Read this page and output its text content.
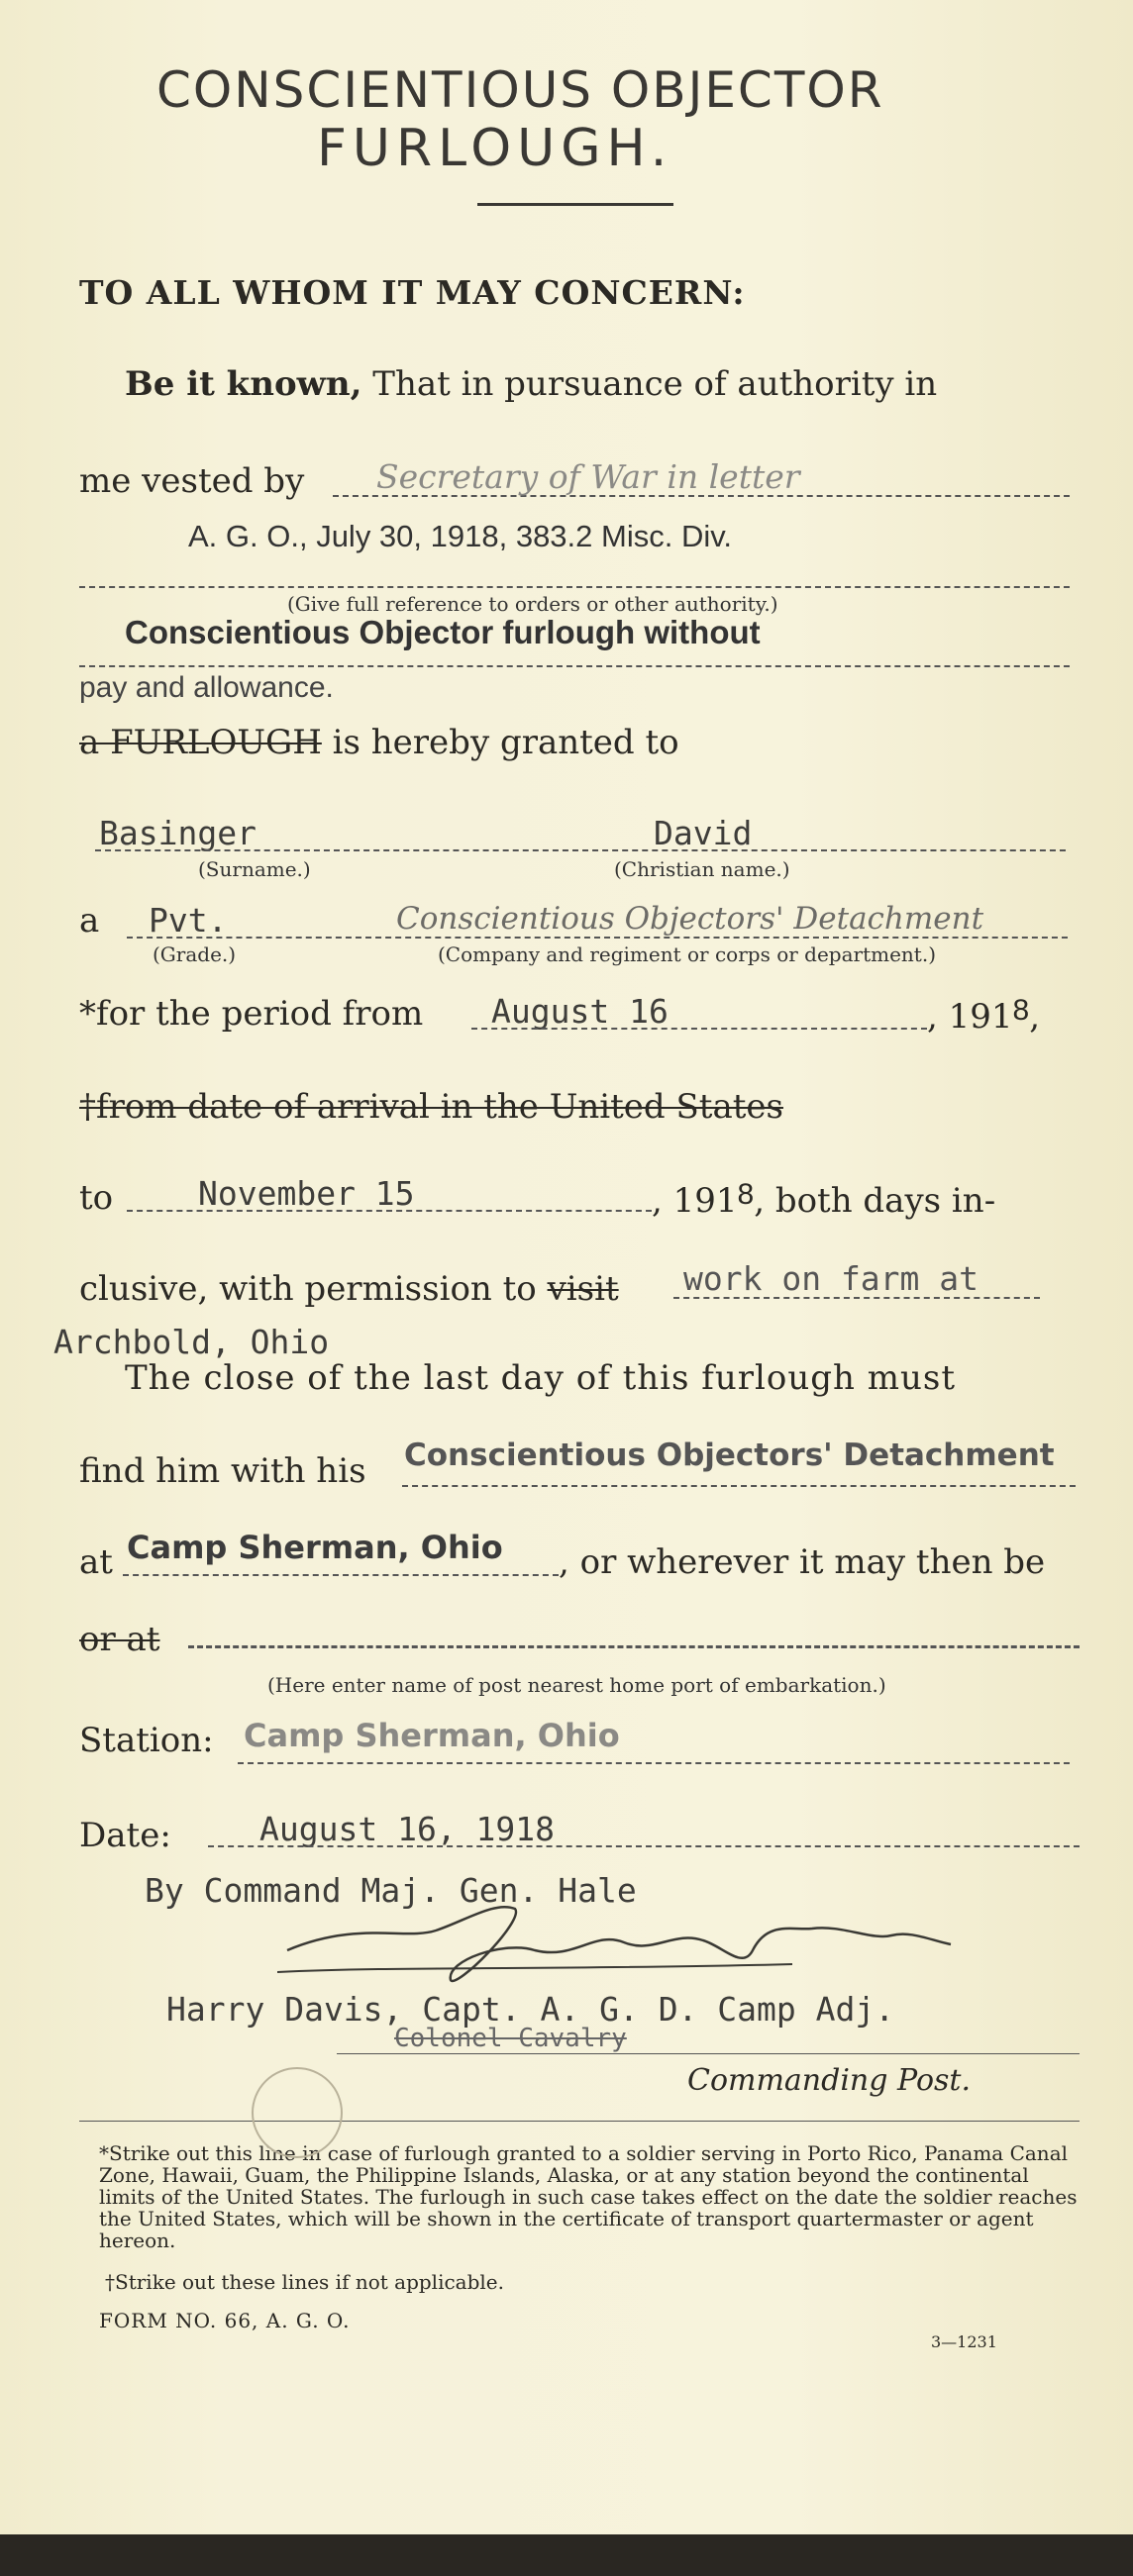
CONSCIENTIOUS OBJECTOR
FURLOUGH.
TO ALL WHOM IT MAY CONCERN:
Be it known, That in pursuance of authority in
me vested by Secretary of War in letter
A. G. O., July 30, 1918, 383.2 Misc. Div.
(Give full reference to orders or other authority.)
Conscientious Objector furlough without
pay and allowance.
a FURLOUGH is hereby granted to
Basinger	David
(Surname.)	(Christian name.)
a Pvt.	Conscientious Objectors' Detachment
(Grade.)	(Company and regiment or corps or department.)
*for the period from August 16	, 1918,
†from date of arrival in the United States
to	November 15	, 1918, both days in-
clusive, with permission to visit work on farm at
Archbold, Ohio
The close of the last day of this furlough must
find him with his Conscientious Objectors' Detachment
at Camp Sherman, Ohio , or wherever it may then be
or at
(Here enter name of post nearest home port of embarkation.)
Station: Camp Sherman, Ohio
Date:	August 16, 1918
By Command Maj. Gen. Hale
Harry Davis, Capt. A. G. D. Camp Adj.
Colonel Cavalry
Commanding Post.
*Strike out this line in case of furlough granted to a soldier serving in Porto Rico, Panama Canal Zone, Hawaii, Guam, the Philippine Islands, Alaska, or at any station beyond the continental limits of the United States. The furlough in such case takes effect on the date the soldier reaches the United States, which will be shown in the certificate of transport quartermaster or agent hereon.
†Strike out these lines if not applicable.
FORM NO. 66, A. G. O.
3—1231
